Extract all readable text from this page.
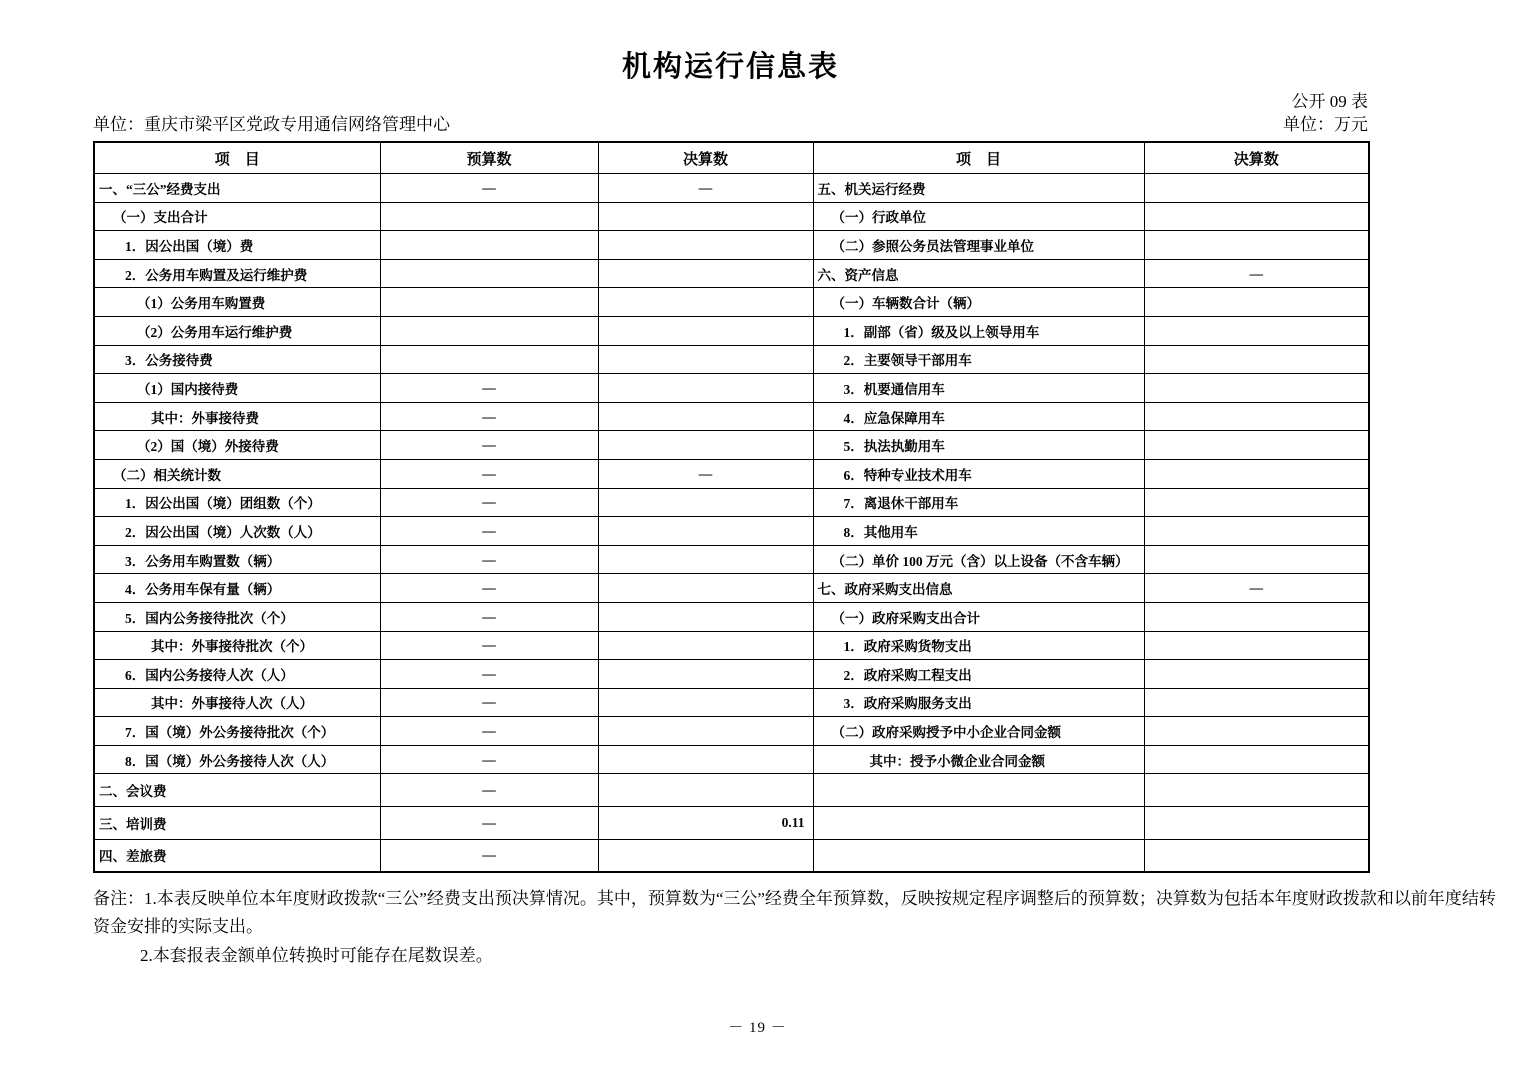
机构运行信息表
公开 09 表
单位：重庆市梁平区党政专用通信网络管理中心	单位：万元
项　目	预算数	决算数	项　目	决算数
一、“三公”经费支出	—	—	五、机关运行经费	
（一）支出合计			（一）行政单位	
1．因公出国（境）费			（二）参照公务员法管理事业单位	
2．公务用车购置及运行维护费			六、资产信息	—
（1）公务用车购置费			（一）车辆数合计（辆）	
（2）公务用车运行维护费			1．副部（省）级及以上领导用车	
3．公务接待费			2．主要领导干部用车	
（1）国内接待费	—		3．机要通信用车	
其中：外事接待费	—		4．应急保障用车	
（2）国（境）外接待费	—		5．执法执勤用车	
（二）相关统计数	—	—	6．特种专业技术用车	
1．因公出国（境）团组数（个）	—		7．离退休干部用车	
2．因公出国（境）人次数（人）	—		8．其他用车	
3．公务用车购置数（辆）	—		（二）单价 100 万元（含）以上设备（不含车辆）	
4．公务用车保有量（辆）	—		七、政府采购支出信息	—
5．国内公务接待批次（个）	—		（一）政府采购支出合计	
其中：外事接待批次（个）	—		1．政府采购货物支出	
6．国内公务接待人次（人）	—		2．政府采购工程支出	
其中：外事接待人次（人）	—		3．政府采购服务支出	
7．国（境）外公务接待批次（个）	—		（二）政府采购授予中小企业合同金额	
8．国（境）外公务接待人次（人）	—		其中：授予小微企业合同金额	
二、会议费	—			
三、培训费	—	0.11		
四、差旅费	—			
备注：1.本表反映单位本年度财政拨款“三公”经费支出预决算情况。其中，预算数为“三公”经费全年预算数，反映按规定程序调整后的预算数；决算数为包括本年度财政拨款和以前年度结转
资金安排的实际支出。
2.本套报表金额单位转换时可能存在尾数误差。
－ 19 －
